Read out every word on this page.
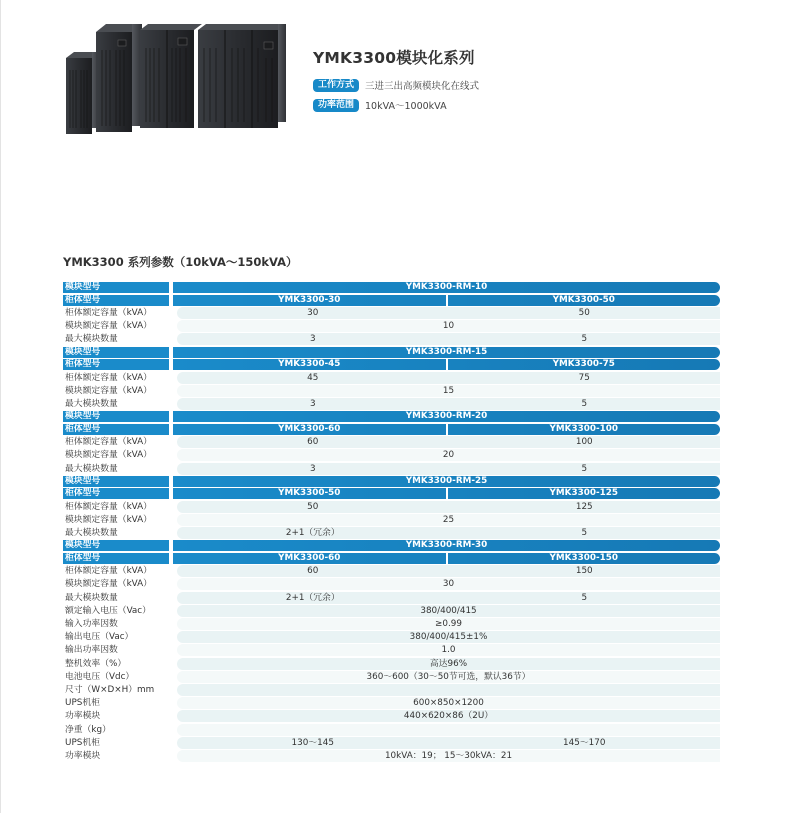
YMK3300模块化系列
工作方式	三进三出高频模块化在线式
功率范围	10kVA～1000kVA
YMK3300 系列参数（10kVA～150kVA）
模块型号	YMK3300-RM-10
柜体型号	YMK3300-30	YMK3300-50
柜体额定容量（kVA）	30	50
模块额定容量（kVA）	10
最大模块数量	3	5
模块型号	YMK3300-RM-15
柜体型号	YMK3300-45	YMK3300-75
柜体额定容量（kVA）	45	75
模块额定容量（kVA）	15
最大模块数量	3	5
模块型号	YMK3300-RM-20
柜体型号	YMK3300-60	YMK3300-100
柜体额定容量（kVA）	60	100
模块额定容量（kVA）	20
最大模块数量	3	5
模块型号	YMK3300-RM-25
柜体型号	YMK3300-50	YMK3300-125
柜体额定容量（kVA）	50	125
模块额定容量（kVA）	25
最大模块数量	2+1（冗余）	5
模块型号	YMK3300-RM-30
柜体型号	YMK3300-60	YMK3300-150
柜体额定容量（kVA）	60	150
模块额定容量（kVA）	30
最大模块数量	2+1（冗余）	5
额定输入电压（Vac）	380/400/415
输入功率因数	≥0.99
输出电压（Vac）	380/400/415±1%
输出功率因数	1.0
整机效率（%）	高达96%
电池电压（Vdc）	360～600（30～50节可选，默认36节）
尺寸（W×D×H）mm
UPS机柜	600×850×1200
功率模块	440×620×86（2U）
净重（kg）
UPS机柜	130～145	145～170
功率模块	10kVA：19； 15～30kVA：21
